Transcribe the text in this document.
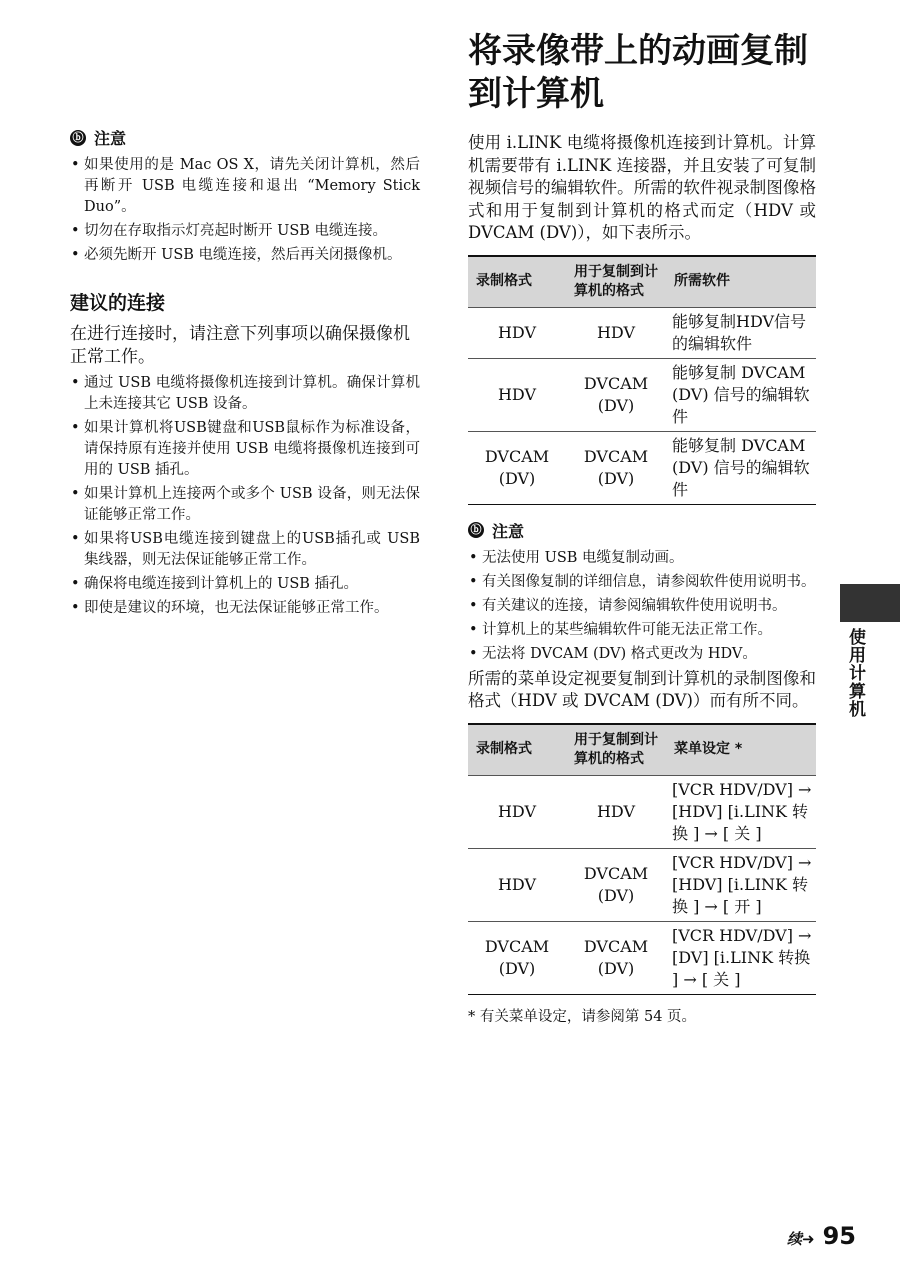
ⓑ 注意
• 如果使用的是 Mac OS X，请先关闭计算机，然后再断开 USB 电缆连接和退出 “Memory Stick Duo”。
• 切勿在存取指示灯亮起时断开 USB 电缆连接。
• 必须先断开 USB 电缆连接，然后再关闭摄像机。
建议的连接

在进行连接时，请注意下列事项以确保摄像机正常工作。

• 通过 USB 电缆将摄像机连接到计算机。确保计算机上未连接其它 USB 设备。
• 如果计算机将USB键盘和USB鼠标作为标准设备，请保持原有连接并使用 USB 电缆将摄像机连接到可用的 USB 插孔。
• 如果计算机上连接两个或多个 USB 设备，则无法保证能够正常工作。
• 如果将USB电缆连接到键盘上的USB插孔或 USB 集线器，则无法保证能够正常工作。
• 确保将电缆连接到计算机上的 USB 插孔。
• 即使是建议的环境，也无法保证能够正常工作。
将录像带上的动画复制到计算机

使用 i.LINK 电缆将摄像机连接到计算机。计算机需要带有 i.LINK 连接器，并且安装了可复制视频信号的编辑软件。所需的软件视录制图像格式和用于复制到计算机的格式而定（HDV 或 DVCAM (DV)），如下表所示。

录制格式	用于复制到计算机的格式	所需软件
HDV	HDV	能够复制HDV信号的编辑软件
HDV	DVCAM (DV)	能够复制 DVCAM (DV) 信号的编辑软件
DVCAM (DV)	DVCAM (DV)	能够复制 DVCAM (DV) 信号的编辑软件
ⓑ 注意
• 无法使用 USB 电缆复制动画。
• 有关图像复制的详细信息，请参阅软件使用说明书。
• 有关建议的连接，请参阅编辑软件使用说明书。
• 计算机上的某些编辑软件可能无法正常工作。
• 无法将 DVCAM (DV) 格式更改为 HDV。

所需的菜单设定视要复制到计算机的录制图像和格式（HDV 或 DVCAM (DV)）而有所不同。

录制格式	用于复制到计算机的格式	菜单设定 *
HDV	HDV	[VCR HDV/DV] → [HDV] [i.LINK 转换 ] → [ 关 ]
HDV	DVCAM (DV)	[VCR HDV/DV] → [HDV] [i.LINK 转换 ] → [ 开 ]
DVCAM (DV)	DVCAM (DV)	[VCR HDV/DV] → [DV] [i.LINK 转换 ] → [ 关 ]
* 有关菜单设定，请参阅第 54 页。
使用计算机
续➜ 95
